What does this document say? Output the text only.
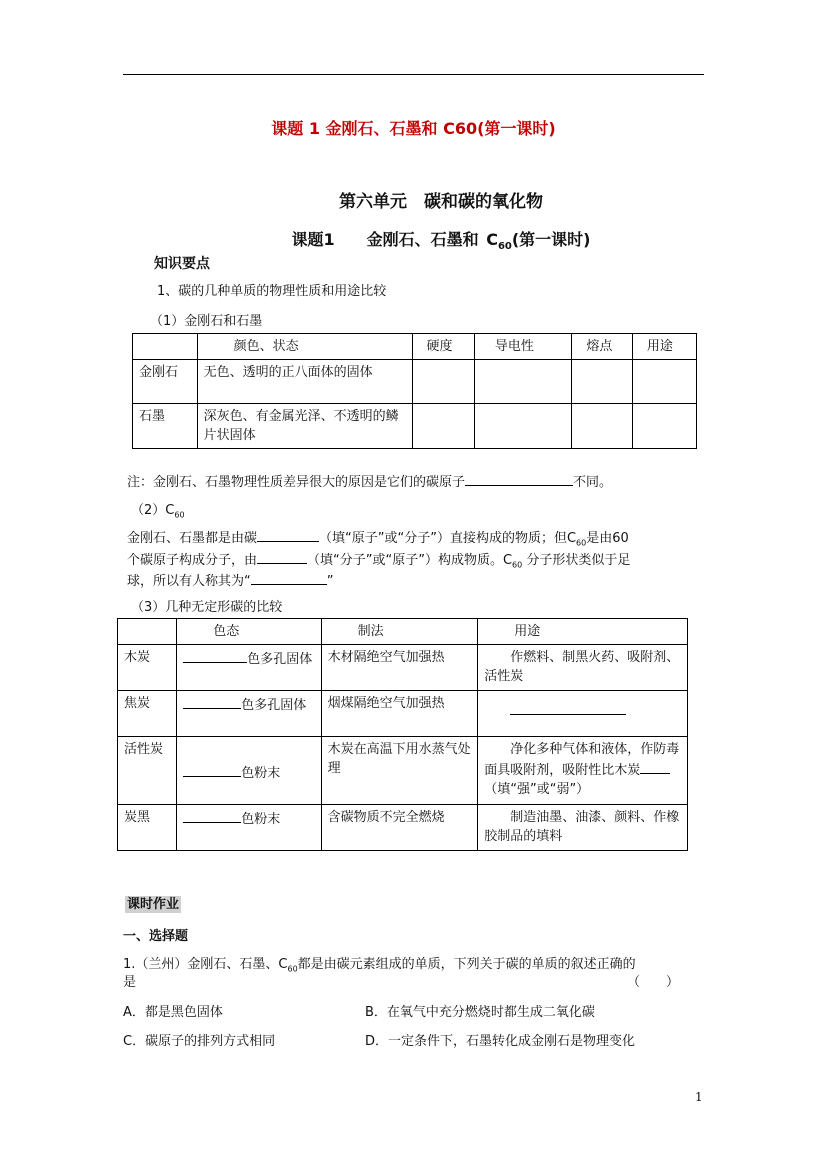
课题 1 金刚石、石墨和 C60(第一课时)
第六单元　碳和碳的氧化物
课题1　　金刚石、石墨和 $C_{60}$(第一课时)
知识要点
1、碳的几种单质的物理性质和用途比较
（1）金刚石和石墨
	颜色、状态	硬度	导电性	熔点	用途
金刚石	无色、透明的正八面体的固体				
石墨	深灰色、有金属光泽、不透明的鳞片状固体				
注：金刚石、石墨物理性质差异很大的原因是它们的碳原子	不同。
$(2)C_{60}$
金刚石、石墨都是由碳	（填“原子”或“分子”）直接构成的物质；但$C_{60}$是由60
个碳原子构成分子，由	（填“分子”或“原子”）构成物质。$C_{60}$ 分子形状类似于足
球，所以有人称其为“	”
（3）几种无定形碳的比较
	色态	制法	用途
木炭	色多孔固体	木材隔绝空气加强热	作燃料、制黑火药、吸附剂、活性炭
焦炭	色多孔固体	烟煤隔绝空气加强热	
活性炭	色粉末	木炭在高温下用水蒸气处理	净化多种气体和液体，作防毒面具吸附剂，吸附性比木炭（填“强”或“弱”）
炭黑	色粉末	含碳物质不完全燃烧	制造油墨、油漆、颜料、作橡胶制品的填料
课时作业
一、选择题
1.（兰州）金刚石、石墨、$C_{60}$都是由碳元素组成的单质，下列关于碳的单质的叙述正确的
是	（　　）
A．都是黑色固体	B．在氧气中充分燃烧时都生成二氧化碳
C．碳原子的排列方式相同	D．一定条件下，石墨转化成金刚石是物理变化
1
